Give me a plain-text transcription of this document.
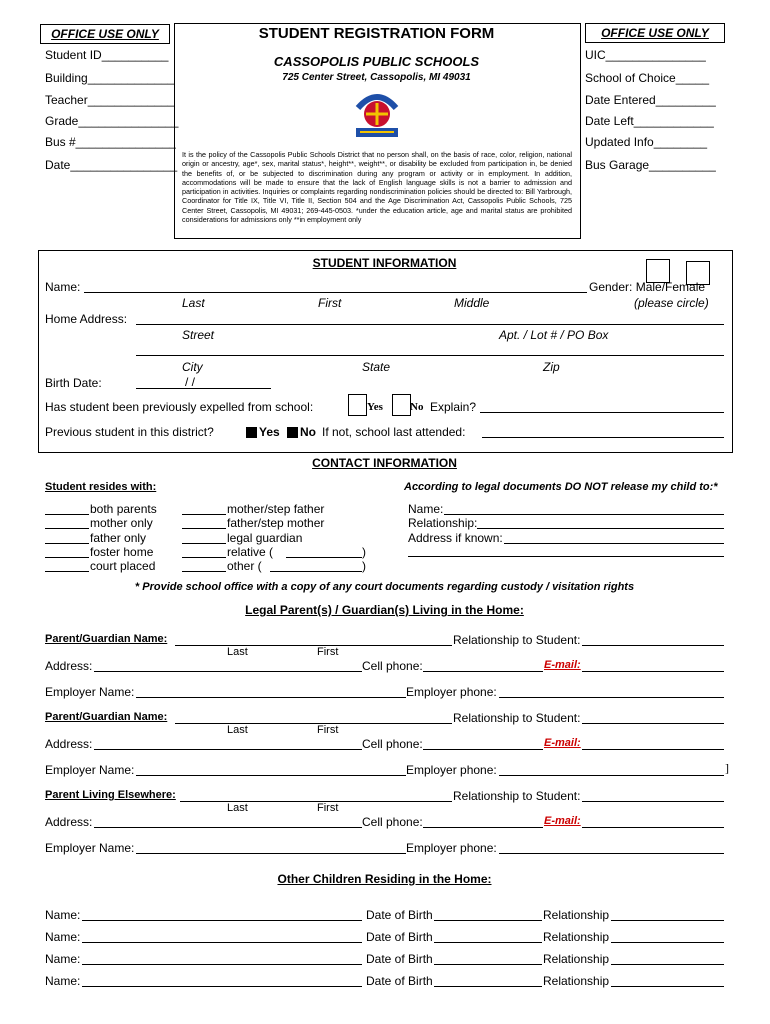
OFFICE USE ONLY
Student ID__________
Building_____________
Teacher_____________
Grade_______________
Bus #_______________
Date________________
STUDENT REGISTRATION FORM
CASSOPOLIS PUBLIC SCHOOLS
725 Center Street, Cassopolis, MI 49031
It is the policy of the Cassopolis Public Schools District that no person shall, on the basis of race, color, religion, national origin or ancestry, age*, sex, marital status*, height**, weight**, or disability be excluded from participation in, be denied the benefits of, or be subjected to discrimination during any program or activity or in employment. In addition, accommodations will be made to ensure that the lack of English language skills is not a barrier to admission and participation in activities. Inquiries or complaints regarding nondiscrimination policies should be directed to: Bill Yarbrough, Coordinator for Title IX, Title VI, Title II, Section 504 and the Age Discrimination Act, Cassopolis Public Schools, 725 Center Street, Cassopolis, MI 49031; 269-445-0503. *under the education article, age and marital status are prohibited considerations for admissions only **in employment only
OFFICE USE ONLY
UIC_______________
School of Choice_____
Date Entered_________
Date Left____________
Updated Info________
Bus Garage__________
STUDENT INFORMATION
Name:	Gender: Male/Female
Last	First	Middle	(please circle)
Home Address:
Street	Apt. / Lot # / PO Box
City	State	Zip
Birth Date:	/ /
Has student been previously expelled from school:	Yes No Explain?
Previous student in this district?	Yes	No If not, school last attended:
CONTACT INFORMATION
Student resides with:	According to legal documents DO NOT release my child to:*
both parents
mother only
father only
foster home
court placed
mother/step father
father/step mother
legal guardian
relative (	)
other (	)
Name:
Relationship:
Address if known:
* Provide school office with a copy of any court documents regarding custody / visitation rights
Legal Parent(s) / Guardian(s) Living in the Home:
Parent/Guardian Name:	Relationship to Student:
Last	First
Address:	Cell phone:	E-mail:
Employer Name:	Employer phone:
Parent/Guardian Name:	Relationship to Student:
Last	First
Address:	Cell phone:	E-mail:
Employer Name:	Employer phone:	]
Parent Living Elsewhere:	Relationship to Student:
Last	First
Address:	Cell phone:	E-mail:
Employer Name:	Employer phone:
Other Children Residing in the Home:
Name:	Date of Birth	Relationship
Name:	Date of Birth	Relationship
Name:	Date of Birth	Relationship
Name:	Date of Birth	Relationship
